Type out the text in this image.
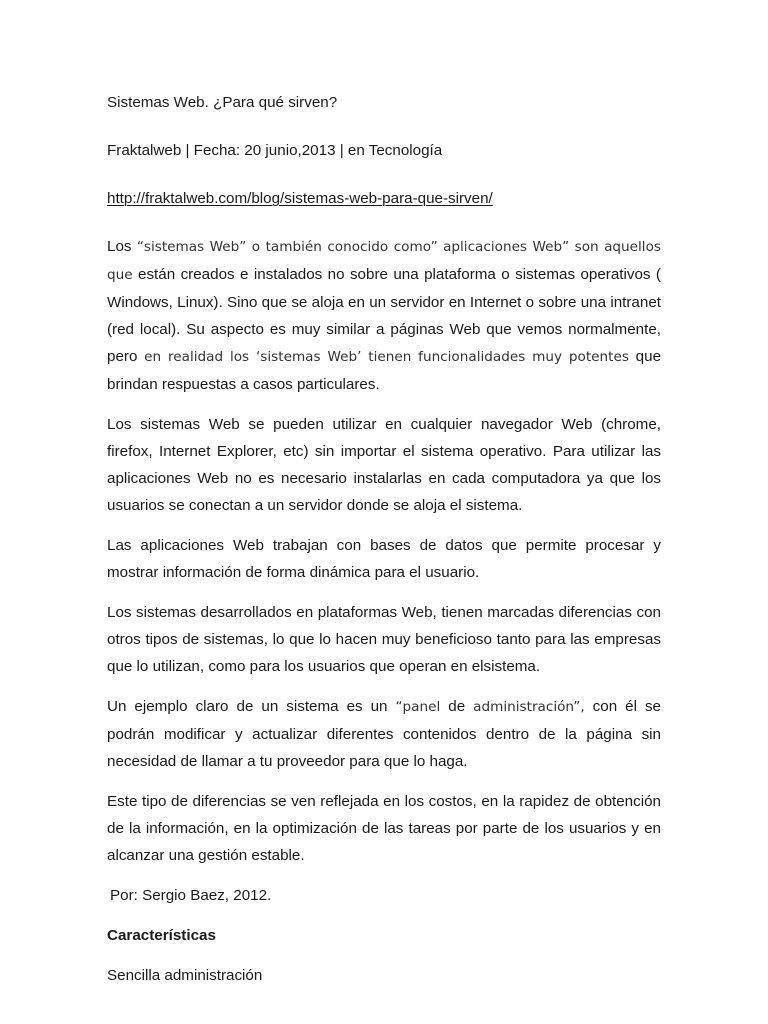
Sistemas Web. ¿Para qué sirven?

Fraktalweb | Fecha: 20 junio,2013 | en Tecnología

http://fraktalweb.com/blog/sistemas-web-para-que-sirven/

Los “sistemas Web” o también conocido como” aplicaciones Web” son aquellos que están creados e instalados no sobre una plataforma o sistemas operativos ( Windows, Linux). Sino que se aloja en un servidor en Internet o sobre una intranet (red local). Su aspecto es muy similar a páginas Web que vemos normalmente, pero en realidad los ‘sistemas Web’ tienen funcionalidades muy potentes que brindan respuestas a casos particulares.

Los sistemas Web se pueden utilizar en cualquier navegador Web (chrome, firefox, Internet Explorer, etc) sin importar el sistema operativo. Para utilizar las aplicaciones Web no es necesario instalarlas en cada computadora ya que los usuarios se conectan a un servidor donde se aloja el sistema.

Las aplicaciones Web trabajan con bases de datos que permite procesar y mostrar información de forma dinámica para el usuario.

Los sistemas desarrollados en plataformas Web, tienen marcadas diferencias con otros tipos de sistemas, lo que lo hacen muy beneficioso tanto para las empresas que lo utilizan, como para los usuarios que operan en elsistema.

Un ejemplo claro de un sistema es un “panel de administración”, con él se podrán modificar y actualizar diferentes contenidos dentro de la página sin necesidad de llamar a tu proveedor para que lo haga.

Este tipo de diferencias se ven reflejada en los costos, en la rapidez de obtención de la información, en la optimización de las tareas por parte de los usuarios y en alcanzar una gestión estable.

Por: Sergio Baez, 2012.

Características

Sencilla administración
